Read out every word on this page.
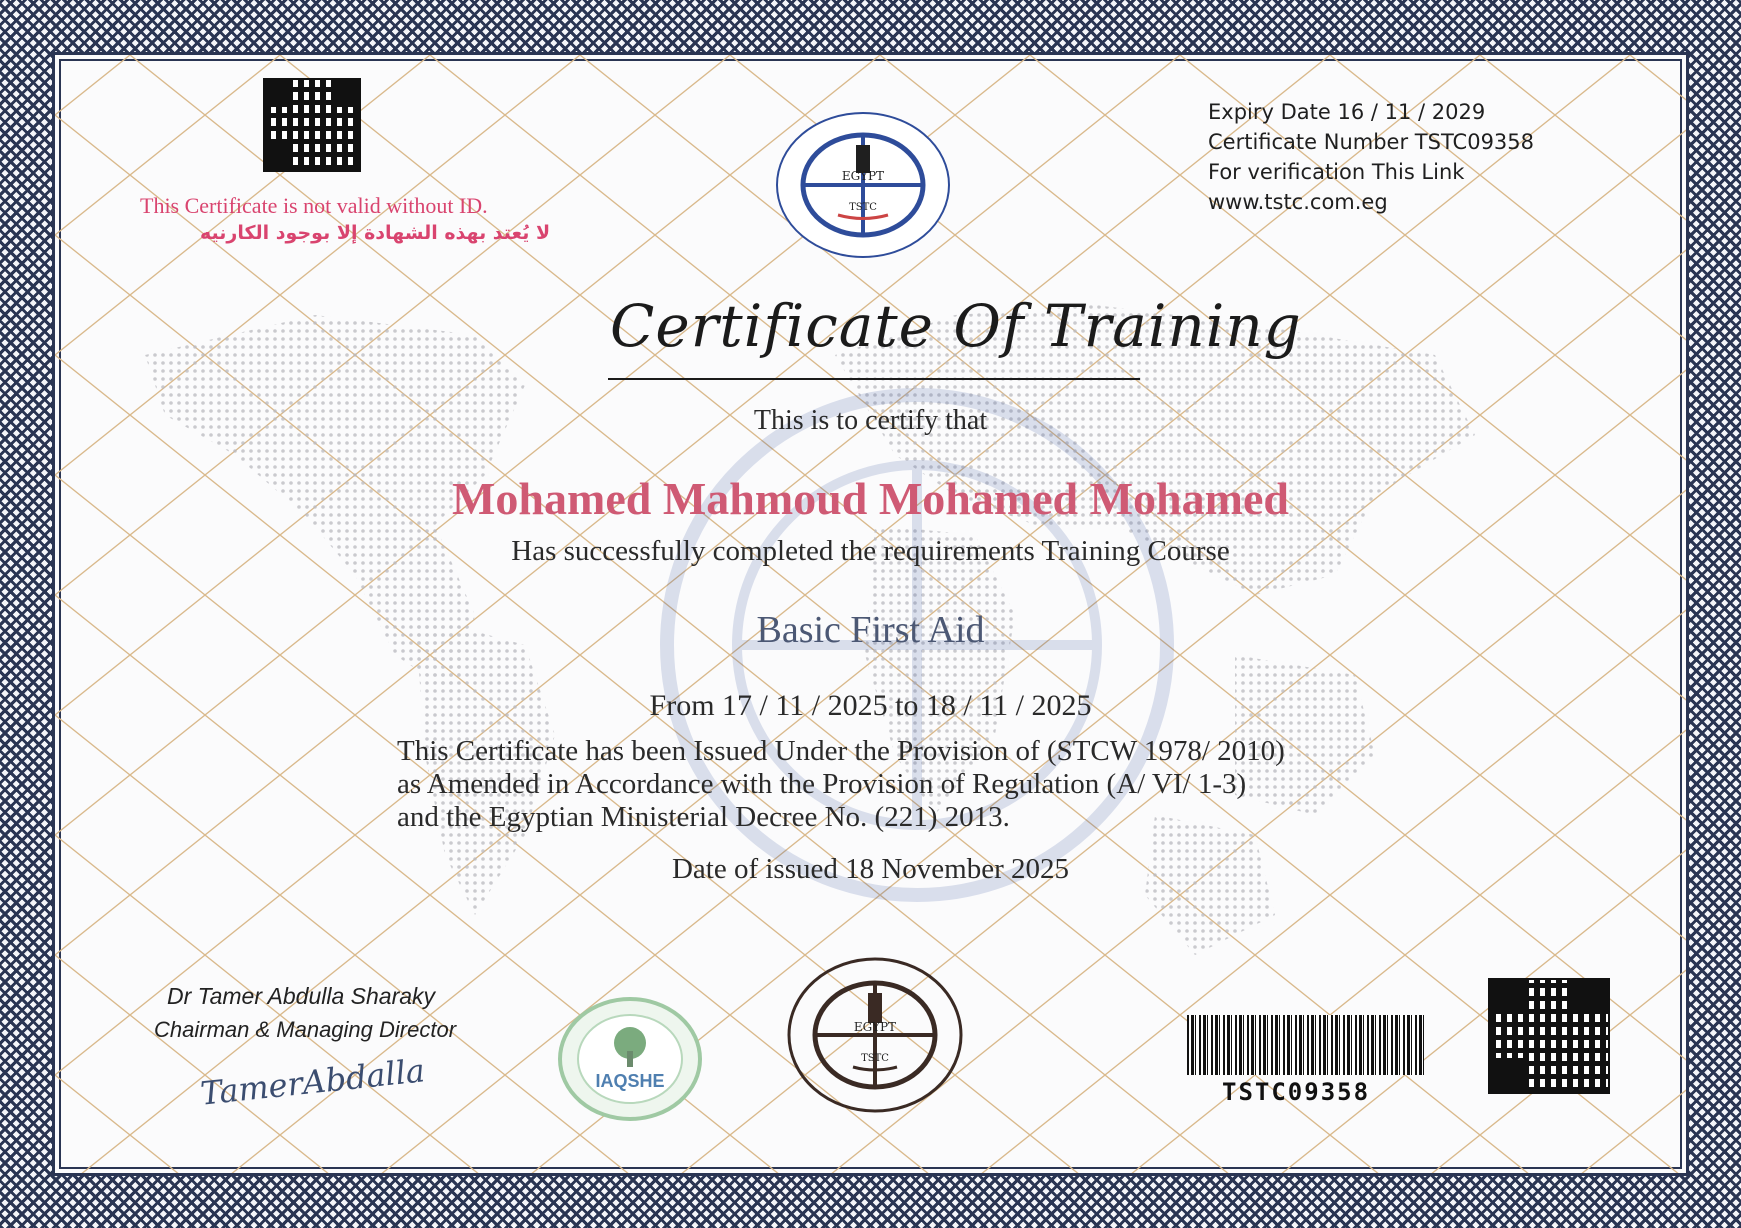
This Certificate is not valid without ID.
لا يُعتد بهذه الشهادة إلا بوجود الكارنيه
EGYPT
TSTC
Expiry Date 16 / 11 / 2029
Certificate Number TSTC09358
For verification This Link
www.tstc.com.eg
Certificate Of Training
This is to certify that
Mohamed Mahmoud Mohamed Mohamed
Has successfully completed the requirements Training Course
Basic First Aid
From 17 / 11 / 2025 to 18 / 11 / 2025
This Certificate has been Issued Under the Provision of (STCW 1978/ 2010)
as Amended in Accordance with the Provision of Regulation (A/ VI/ 1-3)
and the Egyptian Ministerial Decree No. (221) 2013.
Date of issued 18 November 2025
Dr Tamer Abdulla Sharaky
Chairman & Managing Director
TamerAbdalla	IAQSHE
EGYPT
TSTC
TSTC09358
